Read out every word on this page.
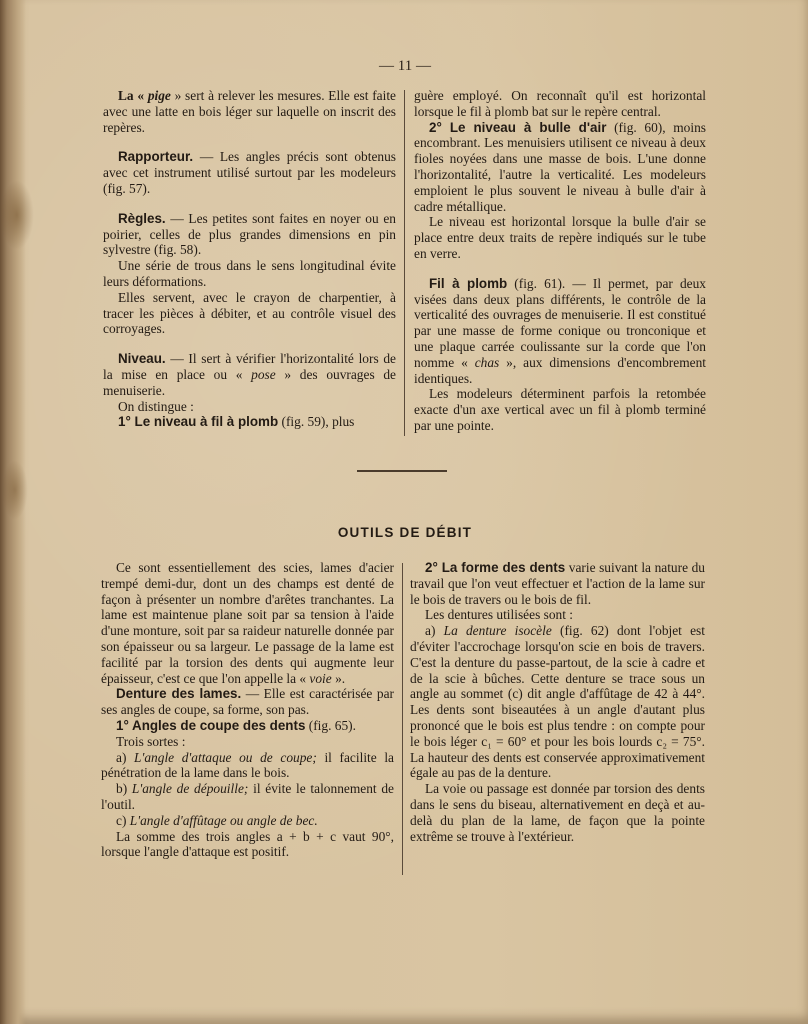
— 11 —

La « pige » sert à relever les mesures. Elle est faite avec une latte en bois léger sur laquelle on inscrit des repères.

Rapporteur. — Les angles précis sont obtenus avec cet instrument utilisé surtout par les modeleurs (fig. 57).

Règles. — Les petites sont faites en noyer ou en poirier, celles de plus grandes dimensions en pin sylvestre (fig. 58).

Une série de trous dans le sens longitudinal évite leurs déformations.

Elles servent, avec le crayon de charpentier, à tracer les pièces à débiter, et au contrôle visuel des corroyages.

Niveau. — Il sert à vérifier l'horizontalité lors de la mise en place ou « pose » des ouvrages de menuiserie.

On distingue :

1° Le niveau à fil à plomb (fig. 59), plus

guère employé. On reconnaît qu'il est horizontal lorsque le fil à plomb bat sur le repère central.

2° Le niveau à bulle d'air (fig. 60), moins encombrant. Les menuisiers utilisent ce niveau à deux fioles noyées dans une masse de bois. L'une donne l'horizontalité, l'autre la verticalité. Les modeleurs emploient le plus souvent le niveau à bulle d'air à cadre métallique.

Le niveau est horizontal lorsque la bulle d'air se place entre deux traits de repère indiqués sur le tube en verre.

Fil à plomb (fig. 61). — Il permet, par deux visées dans deux plans différents, le contrôle de la verticalité des ouvrages de menuiserie. Il est constitué par une masse de forme conique ou tronconique et une plaque carrée coulissante sur la corde que l'on nomme « chas », aux dimensions d'encombrement identiques.

Les modeleurs déterminent parfois la retombée exacte d'un axe vertical avec un fil à plomb terminé par une pointe.

OUTILS DE DÉBIT

Ce sont essentiellement des scies, lames d'acier trempé demi-dur, dont un des champs est denté de façon à présenter un nombre d'arêtes tranchantes. La lame est maintenue plane soit par sa tension à l'aide d'une monture, soit par sa raideur naturelle donnée par son épaisseur ou sa largeur. Le passage de la lame est facilité par la torsion des dents qui augmente leur épaisseur, c'est ce que l'on appelle la « voie ».

Denture des lames. — Elle est caractérisée par ses angles de coupe, sa forme, son pas.

1° Angles de coupe des dents (fig. 65).

Trois sortes :

a) L'angle d'attaque ou de coupe; il facilite la pénétration de la lame dans le bois.

b) L'angle de dépouille; il évite le talonnement de l'outil.

c) L'angle d'affûtage ou angle de bec.

La somme des trois angles a + b + c vaut 90°, lorsque l'angle d'attaque est positif.

2° La forme des dents varie suivant la nature du travail que l'on veut effectuer et l'action de la lame sur le bois de travers ou le bois de fil.

Les dentures utilisées sont :

a) La denture isocèle (fig. 62) dont l'objet est d'éviter l'accrochage lorsqu'on scie en bois de travers. C'est la denture du passe-partout, de la scie à cadre et de la scie à bûches. Cette denture se trace sous un angle au sommet (c) dit angle d'affûtage de 42 à 44°. Les dents sont biseautées à un angle d'autant plus prononcé que le bois est plus tendre : on compte pour le bois léger c₁ = 60° et pour les bois lourds c₂ = 75°. La hauteur des dents est conservée approximativement égale au pas de la denture.

La voie ou passage est donnée par torsion des dents dans le sens du biseau, alternativement en deçà et au-delà du plan de la lame, de façon que la pointe extrême se trouve à l'extérieur.
